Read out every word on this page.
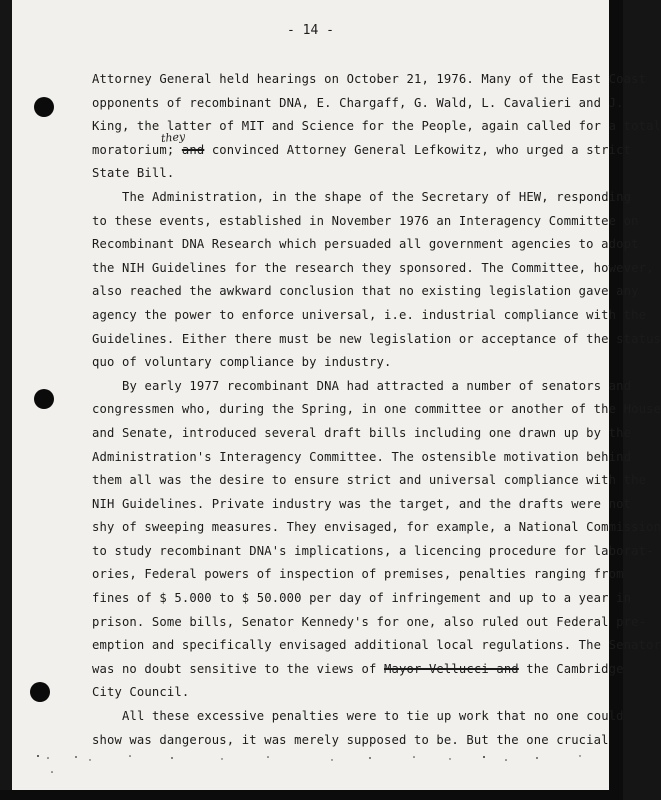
- 14 -
they
Attorney General held hearings on October 21, 1976. Many of the East Coast
opponents of recombinant DNA, E. Chargaff, G. Wald, L. Cavalieri and J.
King, the latter of MIT and Science for the People, again called for a total
moratorium; and convinced Attorney General Lefkowitz, who urged a strict
State Bill.
The Administration, in the shape of the Secretary of HEW, responding
to these events, established in November 1976 an Interagency Committee on
Recombinant DNA Research which persuaded all government agencies to adopt
the NIH Guidelines for the research they sponsored. The Committee, however,
also reached the awkward conclusion that no existing legislation gave any
agency the power to enforce universal, i.e. industrial compliance with the
Guidelines. Either there must be new legislation or acceptance of the status
quo of voluntary compliance by industry.
By early 1977 recombinant DNA had attracted a number of senators and
congressmen who, during the Spring, in one committee or another of the House
and Senate, introduced several draft bills including one drawn up by the
Administration's Interagency Committee. The ostensible motivation behind
them all was the desire to ensure strict and universal compliance with the
NIH Guidelines. Private industry was the target, and the drafts were not
shy of sweeping measures. They envisaged, for example, a National Commission
to study recombinant DNA's implications, a licencing procedure for laborat-
ories, Federal powers of inspection of premises, penalties ranging from
fines of $ 5.000 to $ 50.000 per day of infringement and up to a year in
prison. Some bills, Senator Kennedy's for one, also ruled out Federal pre-
emption and specifically envisaged additional local regulations. The Senator
was no doubt sensitive to the views of Mayor Vellucci and the Cambridge
City Council.
All these excessive penalties were to tie up work that no one could
show was dangerous, it was merely supposed to be. But the one crucial
